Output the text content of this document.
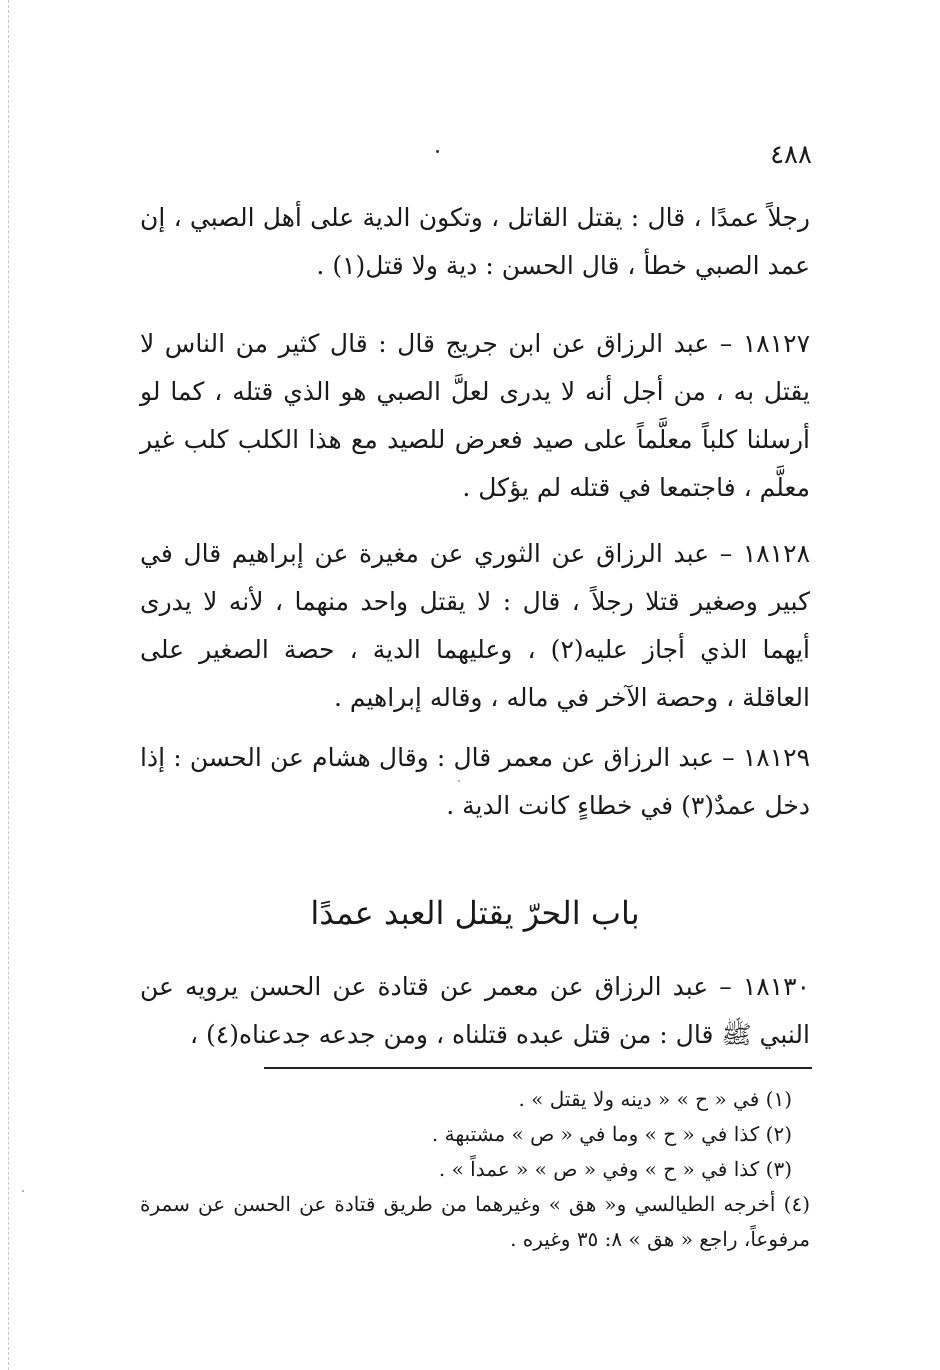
٤٨٨

رجلاً عمدًا ، قال : يقتل القاتل ، وتكون الدية على أهل الصبي ، إن عمد الصبي خطأ ، قال الحسن : دية ولا قتل(١) .

١٨١٢٧ – عبد الرزاق عن ابن جريج قال : قال كثير من الناس لا يقتل به ، من أجل أنه لا يدرى لعلَّ الصبي هو الذي قتله ، كما لو أرسلنا كلباً معلَّماً على صيد فعرض للصيد مع هذا الكلب كلب غير معلَّم ، فاجتمعا في قتله لم يؤكل .

١٨١٢٨ – عبد الرزاق عن الثوري عن مغيرة عن إبراهيم قال في كبير وصغير قتلا رجلاً ، قال : لا يقتل واحد منهما ، لأنه لا يدرى أيهما الذي أجاز عليه(٢) ، وعليهما الدية ، حصة الصغير على العاقلة ، وحصة الآخر في ماله ، وقاله إبراهيم .

١٨١٢٩ – عبد الرزاق عن معمر قال : وقال هشام عن الحسن : إذا دخل عمدٌ(٣) في خطاءٍ كانت الدية .

باب الحرّ يقتل العبد عمدًا

١٨١٣٠ – عبد الرزاق عن معمر عن قتادة عن الحسن يرويه عن النبي ﷺ قال : من قتل عبده قتلناه ، ومن جدعه جدعناه(٤) ،

(١) في « ح » « دينه ولا يقتل » .

(٢) كذا في « ح » وما في « ص » مشتبهة .

(٣) كذا في « ح » وفي « ص » « عمداً » .

(٤) أخرجه الطيالسي و« هق » وغيرهما من طريق قتادة عن الحسن عن سمرة مرفوعاً، راجع « هق » ٨: ٣٥ وغيره .
